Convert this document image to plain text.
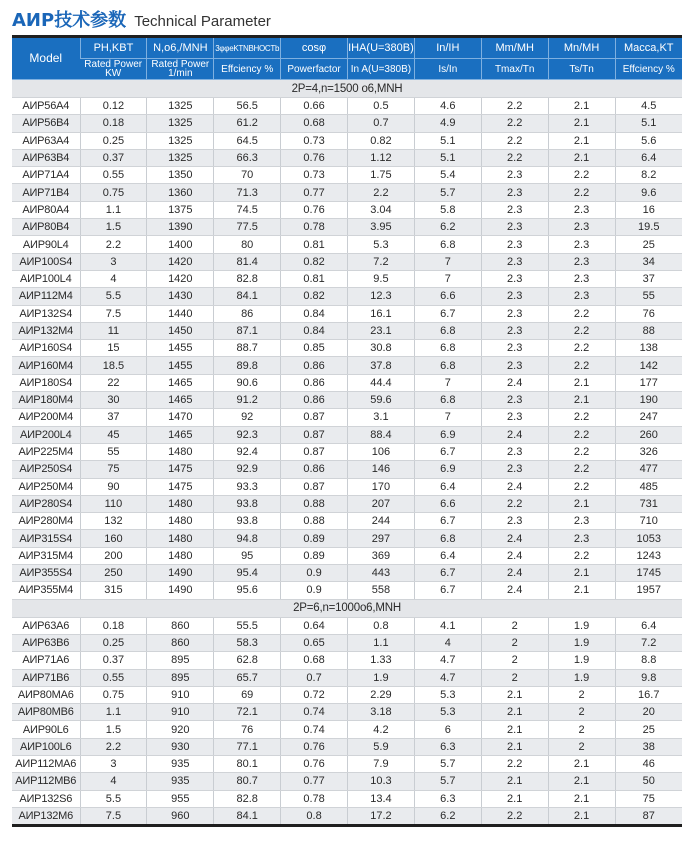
АИР技术参数 Technical Parameter
Model	PH,KBT	N,o6,/MNH	3φφeKTNBHOCTb	cosφ	IHA(U=380B)	In/IH	Mm/MH	Mn/MH	Macca,KT
	Rated Power KW	Rated Power 1/min	Effciency %	Powerfactor	In A(U=380B)	Is/In	Tmax/Tn	Ts/Tn	Effciency %
2P=4,n=1500 o6,MNH									
АИР56A4	0.12	1325	56.5	0.66	0.5	4.6	2.2	2.1	4.5
АИР56B4	0.18	1325	61.2	0.68	0.7	4.9	2.2	2.1	5.1
АИР63A4	0.25	1325	64.5	0.73	0.82	5.1	2.2	2.1	5.6
АИР63B4	0.37	1325	66.3	0.76	1.12	5.1	2.2	2.1	6.4
АИР71A4	0.55	1350	70	0.73	1.75	5.4	2.3	2.2	8.2
АИР71B4	0.75	1360	71.3	0.77	2.2	5.7	2.3	2.2	9.6
АИР80A4	1.1	1375	74.5	0.76	3.04	5.8	2.3	2.3	16
АИР80B4	1.5	1390	77.5	0.78	3.95	6.2	2.3	2.3	19.5
АИР90L4	2.2	1400	80	0.81	5.3	6.8	2.3	2.3	25
АИР100S4	3	1420	81.4	0.82	7.2	7	2.3	2.3	34
АИР100L4	4	1420	82.8	0.81	9.5	7	2.3	2.3	37
АИР112M4	5.5	1430	84.1	0.82	12.3	6.6	2.3	2.3	55
АИР132S4	7.5	1440	86	0.84	16.1	6.7	2.3	2.2	76
АИР132M4	11	1450	87.1	0.84	23.1	6.8	2.3	2.2	88
АИР160S4	15	1455	88.7	0.85	30.8	6.8	2.3	2.2	138
АИР160M4	18.5	1455	89.8	0.86	37.8	6.8	2.3	2.2	142
АИР180S4	22	1465	90.6	0.86	44.4	7	2.4	2.1	177
АИР180M4	30	1465	91.2	0.86	59.6	6.8	2.3	2.1	190
АИР200M4	37	1470	92	0.87	3.1	7	2.3	2.2	247
АИР200L4	45	1465	92.3	0.87	88.4	6.9	2.4	2.2	260
АИР225M4	55	1480	92.4	0.87	106	6.7	2.3	2.2	326
АИР250S4	75	1475	92.9	0.86	146	6.9	2.3	2.2	477
АИР250M4	90	1475	93.3	0.87	170	6.4	2.4	2.2	485
АИР280S4	110	1480	93.8	0.88	207	6.6	2.2	2.1	731
АИР280M4	132	1480	93.8	0.88	244	6.7	2.3	2.3	710
АИР315S4	160	1480	94.8	0.89	297	6.8	2.4	2.3	1053
АИР315M4	200	1480	95	0.89	369	6.4	2.4	2.2	1243
АИР355S4	250	1490	95.4	0.9	443	6.7	2.4	2.1	1745
АИР355M4	315	1490	95.6	0.9	558	6.7	2.4	2.1	1957
2P=6,n=1000o6,MNH									
АИР63A6	0.18	860	55.5	0.64	0.8	4.1	2	1.9	6.4
АИР63B6	0.25	860	58.3	0.65	1.1	4	2	1.9	7.2
АИР71A6	0.37	895	62.8	0.68	1.33	4.7	2	1.9	8.8
АИР71B6	0.55	895	65.7	0.7	1.9	4.7	2	1.9	9.8
АИР80MA6	0.75	910	69	0.72	2.29	5.3	2.1	2	16.7
АИР80MB6	1.1	910	72.1	0.74	3.18	5.3	2.1	2	20
АИР90L6	1.5	920	76	0.74	4.2	6	2.1	2	25
АИР100L6	2.2	930	77.1	0.76	5.9	6.3	2.1	2	38
АИР112MA6	3	935	80.1	0.76	7.9	5.7	2.2	2.1	46
АИР112MB6	4	935	80.7	0.77	10.3	5.7	2.1	2.1	50
АИР132S6	5.5	955	82.8	0.78	13.4	6.3	2.1	2.1	75
АИР132M6	7.5	960	84.1	0.8	17.2	6.2	2.2	2.1	87
